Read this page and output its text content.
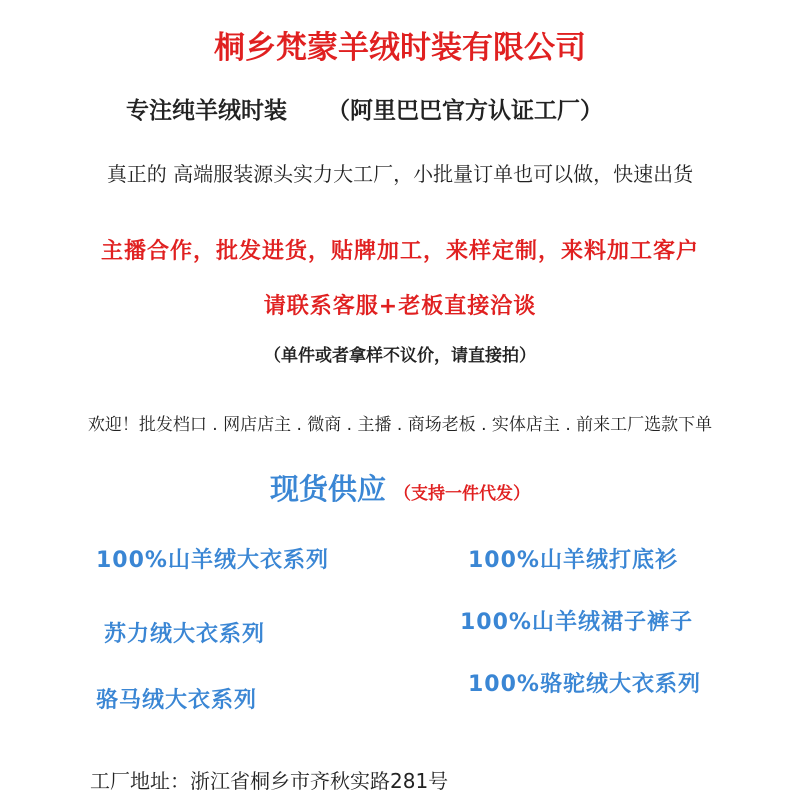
桐乡梵蒙羊绒时装有限公司
专注纯羊绒时装 （阿里巴巴官方认证工厂）
真正的 高端服装源头实力大工厂，小批量订单也可以做，快速出货
主播合作，批发进货，贴牌加工，来样定制，来料加工客户
请联系客服+老板直接洽谈
（单件或者拿样不议价，请直接拍）
欢迎！批发档口 . 网店店主 . 微商 . 主播 . 商场老板 . 实体店主 . 前来工厂选款下单
现货供应 （支持一件代发）
100%山羊绒大衣系列	100%山羊绒打底衫
苏力绒大衣系列	100%山羊绒裙子裤子
骆马绒大衣系列
100%骆驼绒大衣系列
工厂地址：浙江省桐乡市齐秋实路281号
